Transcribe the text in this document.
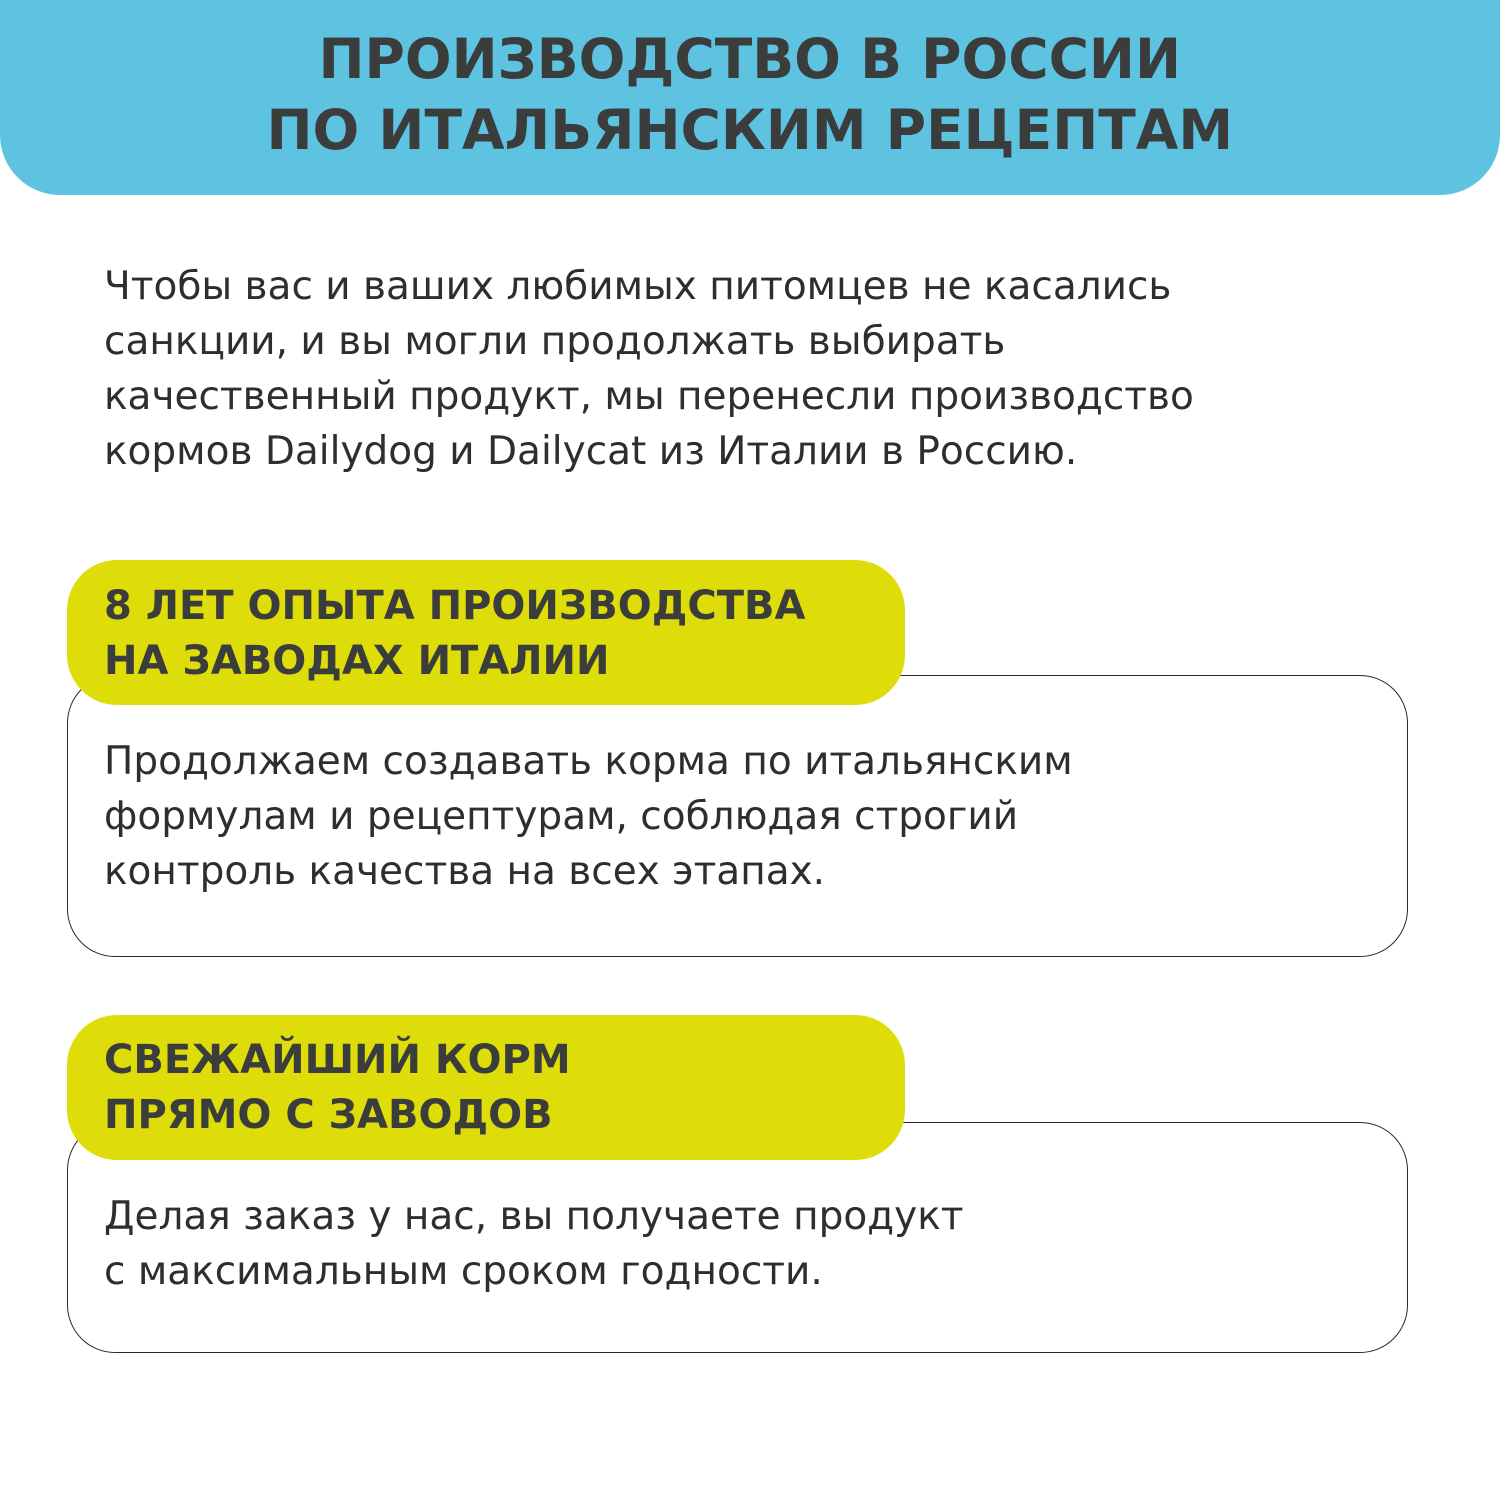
ПРОИЗВОДСТВО В РОССИИ
ПО ИТАЛЬЯНСКИМ РЕЦЕПТАМ
Чтобы вас и ваших любимых питомцев не касались
санкции, и вы могли продолжать выбирать
качественный продукт, мы перенесли производство
кормов Dailydog и Dailycat из Италии в Россию.
8 ЛЕТ ОПЫТА ПРОИЗВОДСТВА
НА ЗАВОДАХ ИТАЛИИ
Продолжаем создавать корма по итальянским
формулам и рецептурам, соблюдая строгий
контроль качества на всех этапах.
СВЕЖАЙШИЙ КОРМ
ПРЯМО С ЗАВОДОВ
Делая заказ у нас, вы получаете продукт
с максимальным сроком годности.
